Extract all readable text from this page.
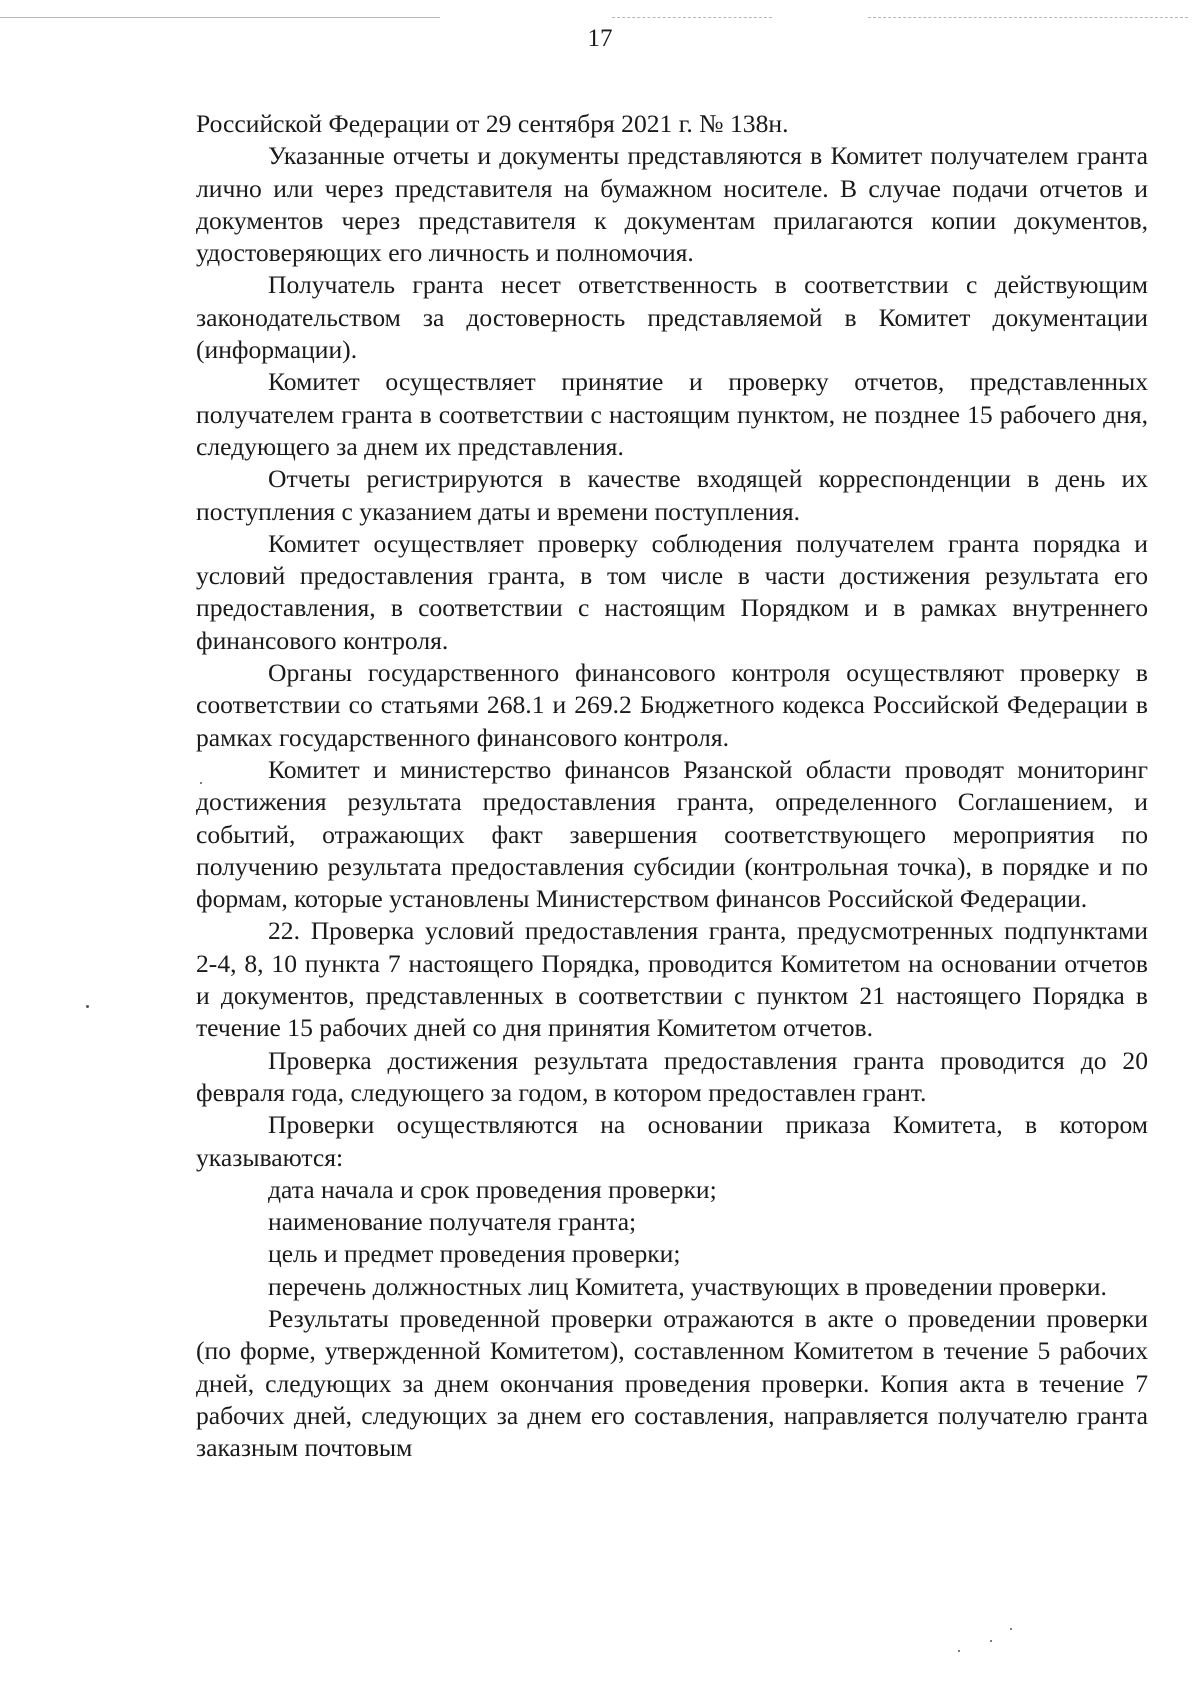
17

Российской Федерации от 29 сентября 2021 г. № 138н.

Указанные отчеты и документы представляются в Комитет получателем гранта лично или через представителя на бумажном носителе. В случае подачи отчетов и документов через представителя к документам прилагаются копии документов, удостоверяющих его личность и полномочия.

Получатель гранта несет ответственность в соответствии с действующим законодательством за достоверность представляемой в Комитет документации (информации).

Комитет осуществляет принятие и проверку отчетов, представленных получателем гранта в соответствии с настоящим пунктом, не позднее 15 рабочего дня, следующего за днем их представления.

Отчеты регистрируются в качестве входящей корреспонденции в день их поступления с указанием даты и времени поступления.

Комитет осуществляет проверку соблюдения получателем гранта порядка и условий предоставления гранта, в том числе в части достижения результата его предоставления, в соответствии с настоящим Порядком и в рамках внутреннего финансового контроля.

Органы государственного финансового контроля осуществляют проверку в соответствии со статьями 268.1 и 269.2 Бюджетного кодекса Российской Федерации в рамках государственного финансового контроля.

Комитет и министерство финансов Рязанской области проводят мониторинг достижения результата предоставления гранта, определенного Соглашением, и событий, отражающих факт завершения соответствующего мероприятия по получению результата предоставления субсидии (контрольная точка), в порядке и по формам, которые установлены Министерством финансов Российской Федерации.

22. Проверка условий предоставления гранта, предусмотренных подпунктами 2-4, 8, 10 пункта 7 настоящего Порядка, проводится Комитетом на основании отчетов и документов, представленных в соответствии с пунктом 21 настоящего Порядка в течение 15 рабочих дней со дня принятия Комитетом отчетов.

Проверка достижения результата предоставления гранта проводится до 20 февраля года, следующего за годом, в котором предоставлен грант.

Проверки осуществляются на основании приказа Комитета, в котором указываются:

дата начала и срок проведения проверки;

наименование получателя гранта;

цель и предмет проведения проверки;

перечень должностных лиц Комитета, участвующих в проведении проверки.

Результаты проведенной проверки отражаются в акте о проведении проверки (по форме, утвержденной Комитетом), составленном Комитетом в течение 5 рабочих дней, следующих за днем окончания проведения проверки. Копия акта в течение 7 рабочих дней, следующих за днем его составления, направляется получателю гранта заказным почтовым
